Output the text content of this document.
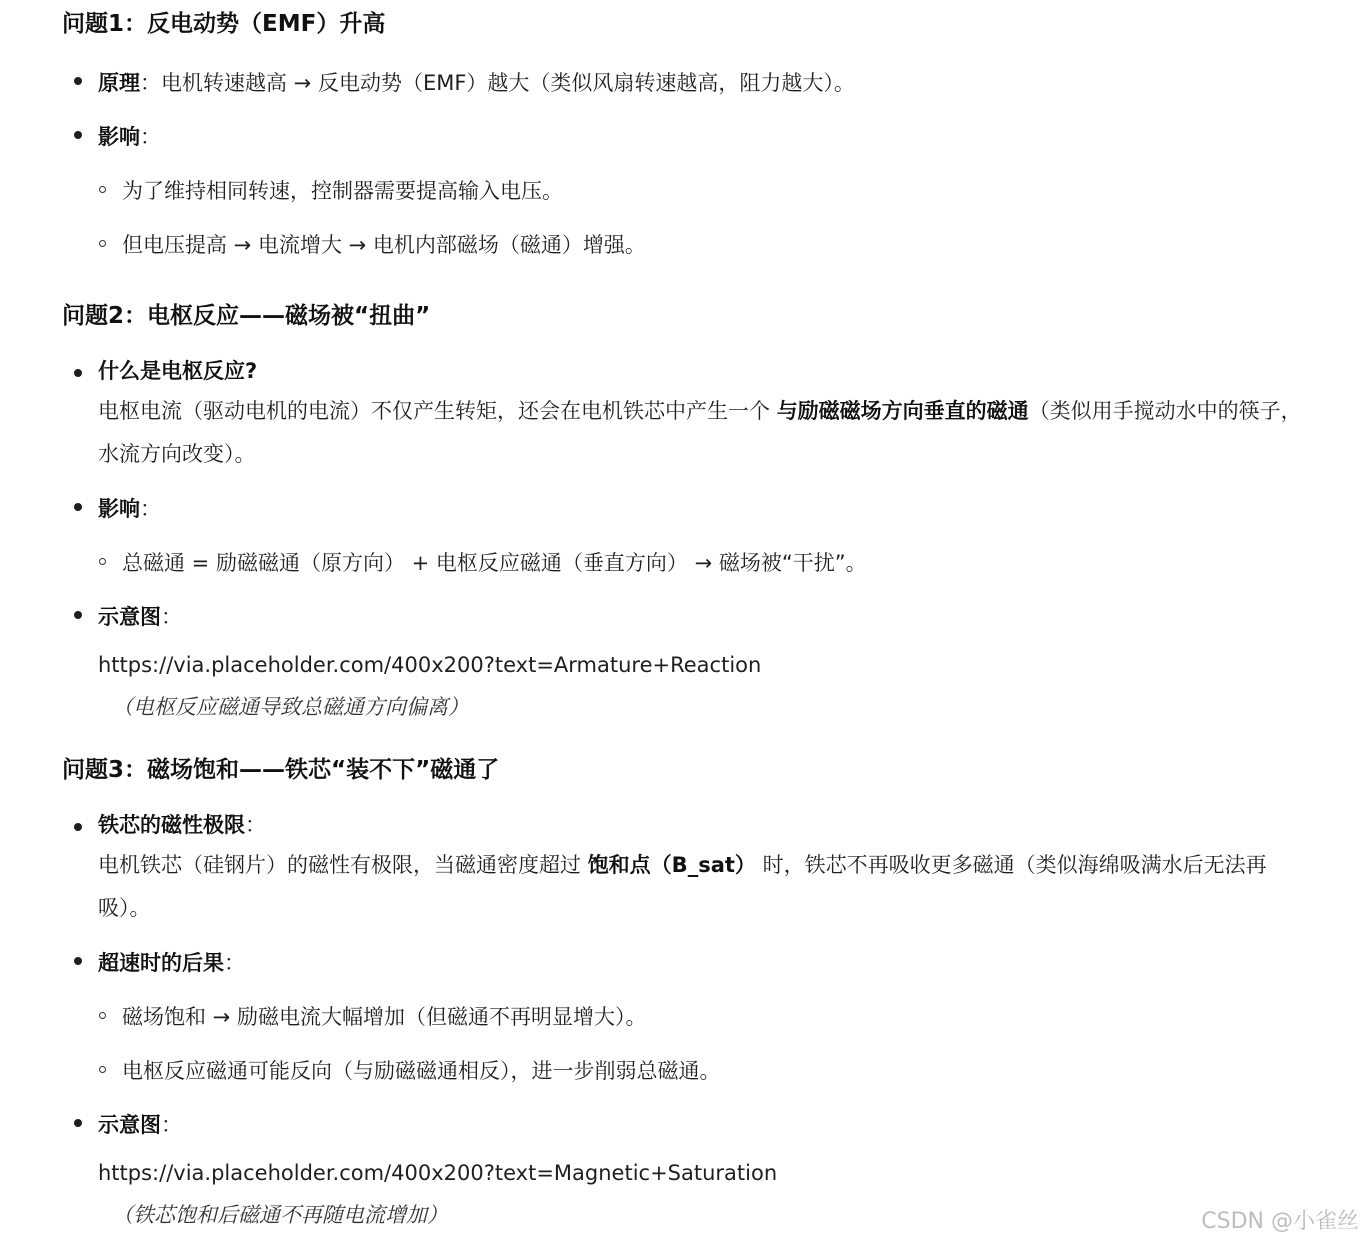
问题1：反电动势（EMF）升高
原理：电机转速越高 → 反电动势（EMF）越大（类似风扇转速越高，阻力越大）。
影响：
为了维持相同转速，控制器需要提高输入电压。
但电压提高 → 电流增大 → 电机内部磁场（磁通）增强。
问题2：电枢反应——磁场被“扭曲”
什么是电枢反应?
电枢电流（驱动电机的电流）不仅产生转矩，还会在电机铁芯中产生一个 与励磁磁场方向垂直的磁通（类似用手搅动水中的筷子，水流方向改变）。
影响：
总磁通 = 励磁磁通（原方向） + 电枢反应磁通（垂直方向） → 磁场被“干扰”。
示意图：
https://via.placeholder.com/400x200?text=Armature+Reaction
（电枢反应磁通导致总磁通方向偏离）
问题3：磁场饱和——铁芯“装不下”磁通了
铁芯的磁性极限：
电机铁芯（硅钢片）的磁性有极限，当磁通密度超过 饱和点（B_sat） 时，铁芯不再吸收更多磁通（类似海绵吸满水后无法再吸）。
超速时的后果：
磁场饱和 → 励磁电流大幅增加（但磁通不再明显增大）。
电枢反应磁通可能反向（与励磁磁通相反），进一步削弱总磁通。
示意图：
https://via.placeholder.com/400x200?text=Magnetic+Saturation
（铁芯饱和后磁通不再随电流增加）	CSDN @小雀丝
